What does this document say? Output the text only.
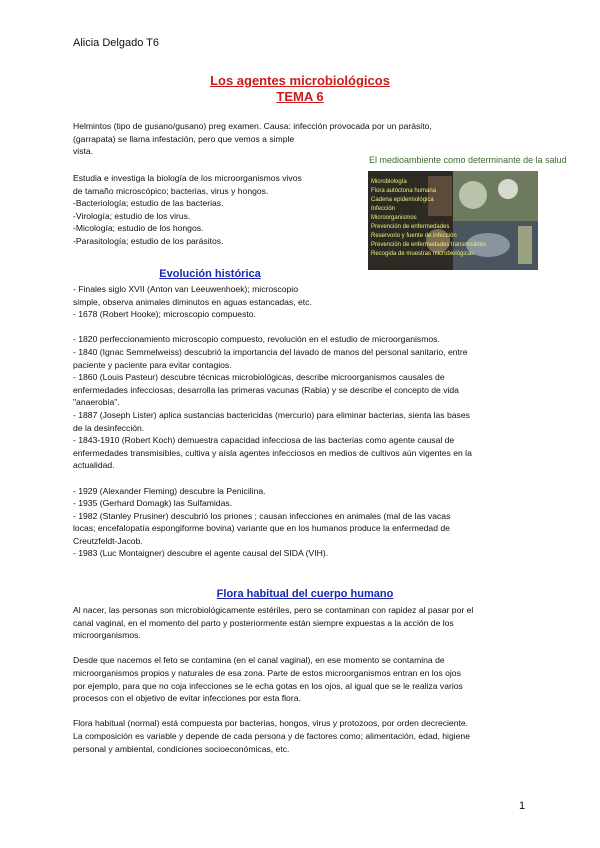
Alicia Delgado T6
Los agentes microbiológicos
TEMA 6
Helmintos (tipo de gusano/gusano) preg examen. Causa: infección provocada por un parásito,
(garrapata) se llama infestación, pero que vemos a simple
vista.
El medioambiente como determinante de la salud
Microbiología
Flora autóctona humana
Cadena epidemiológica
Infección
Microorganismos
Prevención de enfermedades
Reservorio y fuente de infección
Prevención de enfermedades transmisibles
Recogida de muestras microbiológicas
Estudia e investiga la biología de los microorganismos vivos
de tamaño microscópico; bacterias, virus y hongos.
-Bacteriología; estudio de las bacterias.
-Virología; estudio de los virus.
-Micología; estudio de los hongos.
-Parasitología; estudio de los parásitos.
Evolución histórica
- Finales siglo XVII (Anton van Leeuwenhoek); microscopio
simple, observa animales diminutos en aguas estancadas, etc.
- 1678 (Robert Hooke); microscopio compuesto.
- 1820 perfeccionamiento microscopio compuesto, revolución en el estudio de microorganismos.
- 1840 (Ignac Semmelweiss) descubrió la importancia del lavado de manos del personal sanitario, entre
paciente y paciente para evitar contagios.
- 1860 (Louis Pasteur) descubre técnicas microbiológicas, describe microorganismos causales de
enfermedades infecciosas, desarrolla las primeras vacunas (Rabia) y se describe el concepto de vida
"anaerobia".
- 1887 (Joseph Lister) aplica sustancias bactericidas (mercurio) para eliminar bacterias, sienta las bases
de la desinfección.
- 1843-1910 (Robert Koch) demuestra capacidad infecciosa de las bacterias como agente causal de
enfermedades transmisibles, cultiva y aísla agentes infecciosos en medios de cultivos aún vigentes en la
actualidad.
- 1929 (Alexander Fleming) descubre la Penicilina.
- 1935 (Gerhard Domagk) las Sulfamidas.
- 1982 (Stanley Prusiner) descubrió los priones ; causan infecciones en animales (mal de las vacas
locas; encefalopatía espongiforme bovina) variante que en los humanos produce la enfermedad de
Creutzfeldt-Jacob.
- 1983 (Luc Montaigner) descubre el agente causal del SIDA (VIH).
Flora habitual del cuerpo humano
Al nacer, las personas son microbiológicamente estériles, pero se contaminan con rapidez al pasar por el
canal vaginal, en el momento del parto y posteriormente están siempre expuestas a la acción de los
microorganismos.
Desde que nacemos el feto se contamina (en el canal vaginal), en ese momento se contamina de
microorganismos propios y naturales de esa zona. Parte de estos microorganismos entran en los ojos
por ejemplo, para que no coja infecciones se le echa gotas en los ojos, al igual que se le realiza varios
procesos con el objetivo de evitar infecciones por esta flora.
Flora habitual (normal) está compuesta por bacterias, hongos, virus y protozoos, por orden decreciente.
La composición es variable y depende de cada persona y de factores como; alimentación, edad, higiene
personal y ambiental, condiciones socioeconómicas, etc.
1
